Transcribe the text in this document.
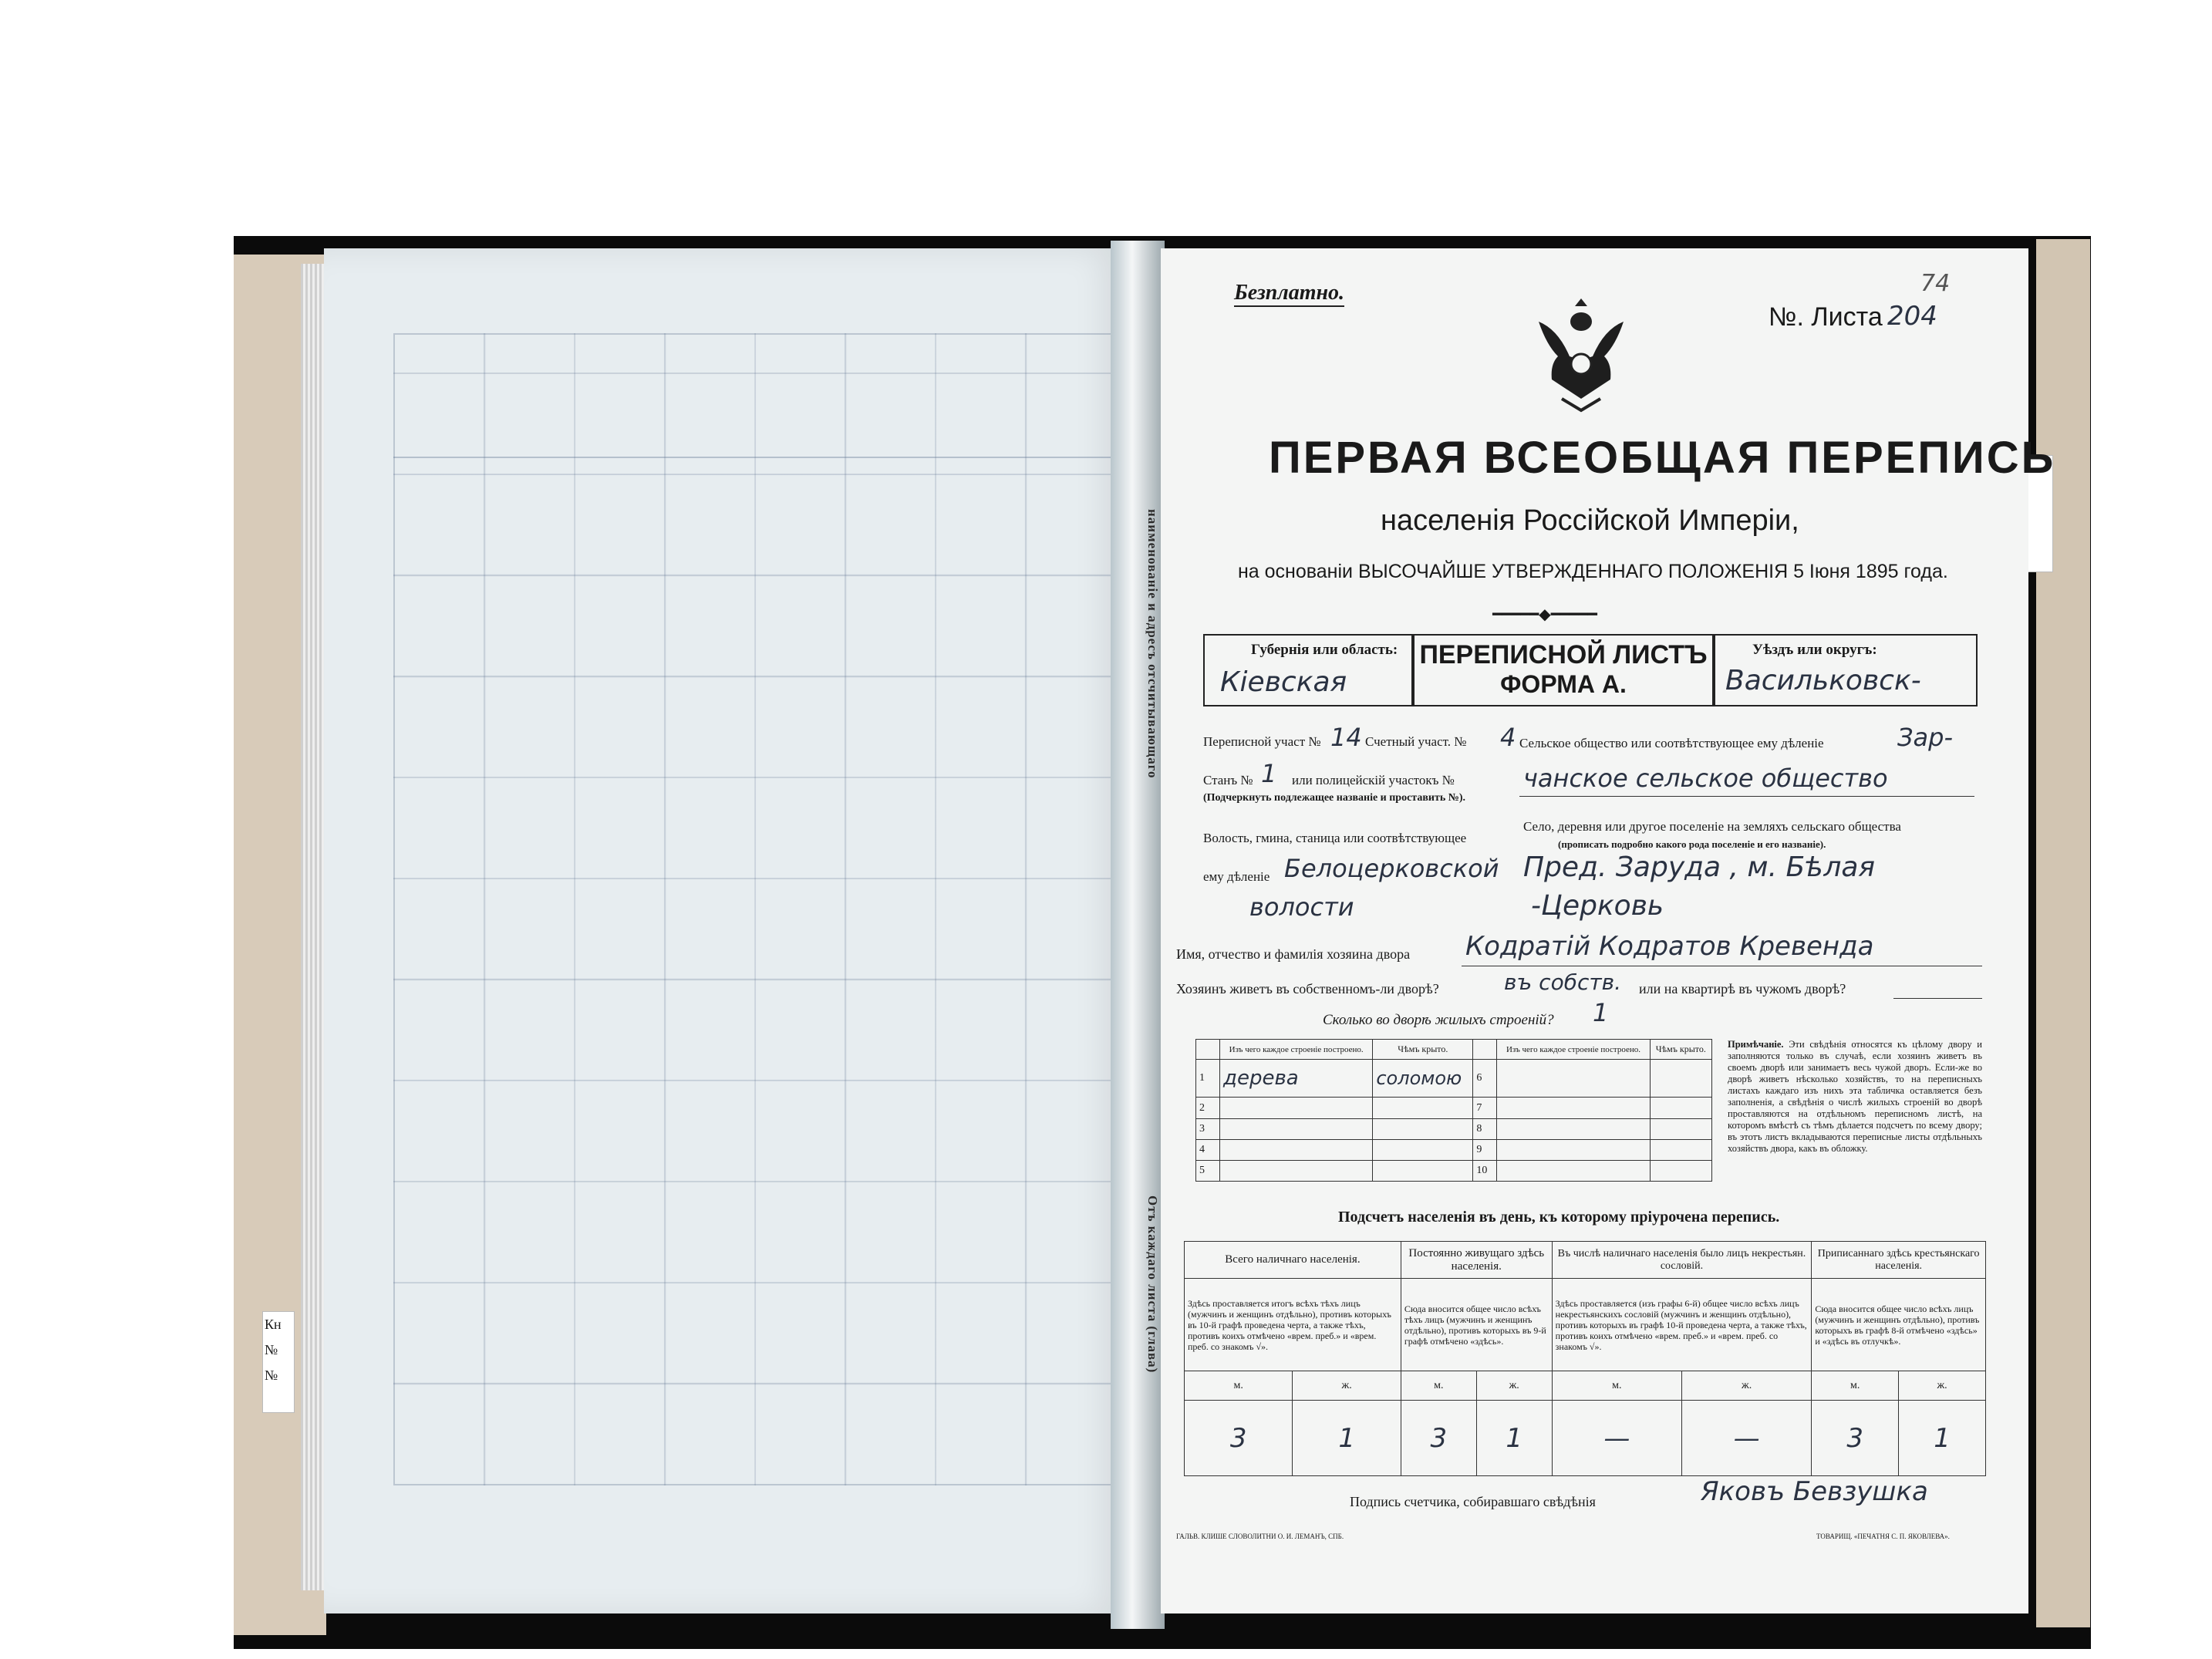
наименованіе и адресъ отсчитывающаго
Отъ каждаго листа (глава)
Кн
№
№
Безплатно.
№. Листа 204
74
ПЕРВАЯ ВСЕОБЩАЯ ПЕРЕПИСЬ
населенія Россійской Имперіи,
на основаніи ВЫСОЧАЙШЕ УТВЕРЖДЕННАГО ПОЛОЖЕНІЯ 5 Іюня 1895 года.
━━━━━◆━━━━━
Губернія или область:
Кіевская
ПЕРЕПИСНОЙ ЛИСТЪ
ФОРМА А.
Уѣздъ или округъ:
Васильковск-
Переписной участ № 14 Счетный участ. № 4
Станъ № 1 или полицейскій участокъ №
(Подчеркнуть подлежащее названіе и проставить №).
Волость, гмина, станица или соотвѣтствующее
ему дѣленіе Белоцерковской
волости
Сельское общество или соотвѣтствующее ему дѣленіе	Зар-
чанское сельское общество
Село, деревня или другое поселеніе на земляхъ сельскаго общества
(прописать подробно какого рода поселеніе и его названіе).
Пред. Заруда , м. Бѣлая
-Церковь
Имя, отчество и фамилія хозяина двора Кодратій Кодратов Кревенда
Хозяинъ живетъ въ собственномъ-ли дворѣ?	въ собств. или на квартирѣ въ чужомъ дворѣ?
Сколько во дворѣ жилыхъ строеній? 1
	Изъ чего каждое строеніе построено.	Чѣмъ крыто.		Изъ чего каждое строеніе построено.	Чѣмъ крыто.
1	дерева	соломою	6		
2			7		
3			8		
4			9		
5			10		
Примѣчаніе. Эти свѣдѣнія относятся къ цѣлому двору и заполняются только въ случаѣ, если хозяинъ живетъ въ своемъ дворѣ или занимаетъ весь чужой дворъ. Если-же во дворѣ живетъ нѣсколько хозяйствъ, то на переписныхъ листахъ каждаго изъ нихъ эта табличка оставляется безъ заполненія, а свѣдѣнія о числѣ жилыхъ строеній во дворѣ проставляются на отдѣльномъ переписномъ листѣ, на которомъ вмѣстѣ съ тѣмъ дѣлается подсчетъ по всему двору; въ этотъ листъ вкладываются переписные листы отдѣльныхъ хозяйствъ двора, какъ въ обложку.
Подсчетъ населенія въ день, къ которому пріурочена перепись.
Всего наличнаго населенія.		Постоянно живущаго здѣсь населенія.		Въ числѣ наличнаго населенія было лицъ некрестьян. сословій.		Приписаннаго здѣсь крестьянскаго населенія.	
Здѣсь проставляется итогъ всѣхъ тѣхъ лицъ (мужчинъ и женщинъ отдѣльно), противъ которыхъ въ 10-й графѣ проведена черта, а также тѣхъ, противъ коихъ отмѣчено «врем. преб.» и «врем. преб. со знакомъ √».		Сюда вносится общее число всѣхъ тѣхъ лицъ (мужчинъ и женщинъ отдѣльно), противъ которыхъ въ 9-й графѣ отмѣчено «здѣсь».		Здѣсь проставляется (изъ графы 6-й) общее число всѣхъ лицъ некрестьянскихъ сословій (мужчинъ и женщинъ отдѣльно), противъ которыхъ въ графѣ 10-й проведена черта, а также тѣхъ, противъ коихъ отмѣчено «врем. преб.» и «врем. преб. со знакомъ √».		Сюда вносится общее число всѣхъ лицъ (мужчинъ и женщинъ отдѣльно), противъ которыхъ въ графѣ 8-й отмѣчено «здѣсь» и «здѣсь въ отлучкѣ».	
м.	ж.	м.	ж.	м.	ж.	м.	ж.
3	1	3	1	—	—	3	1
Подпись счетчика, собиравшаго свѣдѣнія	Яковъ Бевзушка
ГАЛЬВ. КЛИШЕ СЛОВОЛИТНИ О. И. ЛЕМАНЪ, СПБ.	ТОВАРИЩ. «ПЕЧАТНЯ С. П. ЯКОВЛЕВА».
